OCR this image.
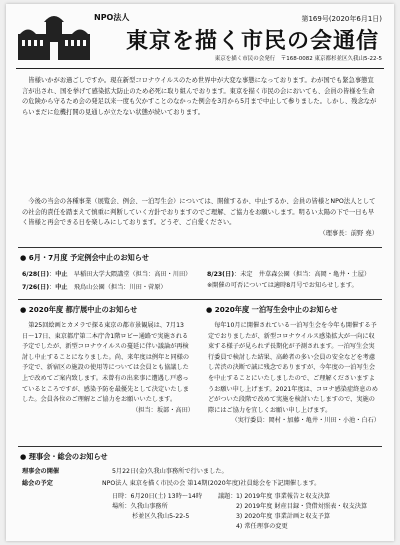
NPO法人
東京を描く市民の会通信
第169号(2020年6月1日)
東京を描く市民の会発行　〒168-0082 東京都杉並区久我山5-22-5

皆様いかがお過ごしですか。現在新型コロナウイルスのため世界中が大変な事態になっております。わが国でも緊急事態宣言が出され、国を挙げて感染拡大防止のため必死に取り組んでおります。東京を描く市民の会においても、会員の皆様を生命の危険から守るため会の発足以来一度も欠かすことのなかった例会を3月から5月まで中止して参りました。しかし、残念ながらいまだに危機打開の見通しが立たない状態が続いております。

今後の当会の各種事業（展覧会、例会、一泊写生会）については、開催するか、中止するか、会員の皆様とNPO法人としての社会的責任を踏まえて慎重に判断していく方針でおりますのでご理解、ご協力をお願いします。明るい太陽の下で一日も早く皆様と再会できる日を楽しみにしております。どうぞ、ご自愛ください。
（理事長：前野 堯）

● 6月・7月度 予定例会中止のお知らせ
6/28(日)：中止　 早稲田大学大隈講堂（担当：高田・川田）
7/26(日)：中止　 飛鳥山公園（担当：川田・菅原）
8/23(日)：未定　 井草森公園（担当：高岡・亀井・土屋）
※開催の可否については適時8月号でお知らせします。
● 2020年度 都庁展中止のお知らせ	● 2020年度 一泊写生会中止のお知らせ

第25回絵画とカメラで探る東京の都市景観展は、7月13日〜17日、東京都庁第二本庁舎1階ロビー通路で実施される予定でしたが、新型コロナウイルスの蔓延に伴い議論が再検討し中止することになりました。尚、来年度は例年と同様の予定で、新宿区の施設の使用等については会員とも協議した上で改めてご案内致します。未曾有の出来事に遭遇し戸惑っているところですが、感染予防を最優先として決定いたしました。会員各位のご理解とご協力をお願いいたします。
（担当：坂部・高田）

毎年10月に開催されている一泊写生会を今年も開催する予定でおりましたが、新型コロナウイルス感染拡大が一向に収束する様子が見られず長期化が予測されます。一泊写生会実行委員で検討した結果、高齢者の多い会員の安全などを考慮し苦渋の決断で誠に残念でありますが、今年度の一泊写生会を中止することにいたしましたので、ご理解くださいますようお願い申し上げます。2021年度は、コロナ感染症終息のめどがついた段階で改めて実施を検討いたしますので、実施の際にはご協力を宜しくお願い申し上げます。
（実行委員：岡村・加藤・亀井・川田・小池・白石）

● 理事会・総会のお知らせ
理事会の開催	5月22日(金)久我山事務所で行いました。
総会の予定	NPO法人 東京を描く市民の会 第14期(2020年度)社員総会を下記開催します。
日時：6月20日(土) 13時〜14時
場所：久我山事務所
杉並区久我山5-22-5
議題： 1) 2019年度 事業報告と収支決算
2) 2019年度 財産目録・貸借対照表・収支決算
3) 2020年度 事業計画と収支予算
4) 常任理事の変更
